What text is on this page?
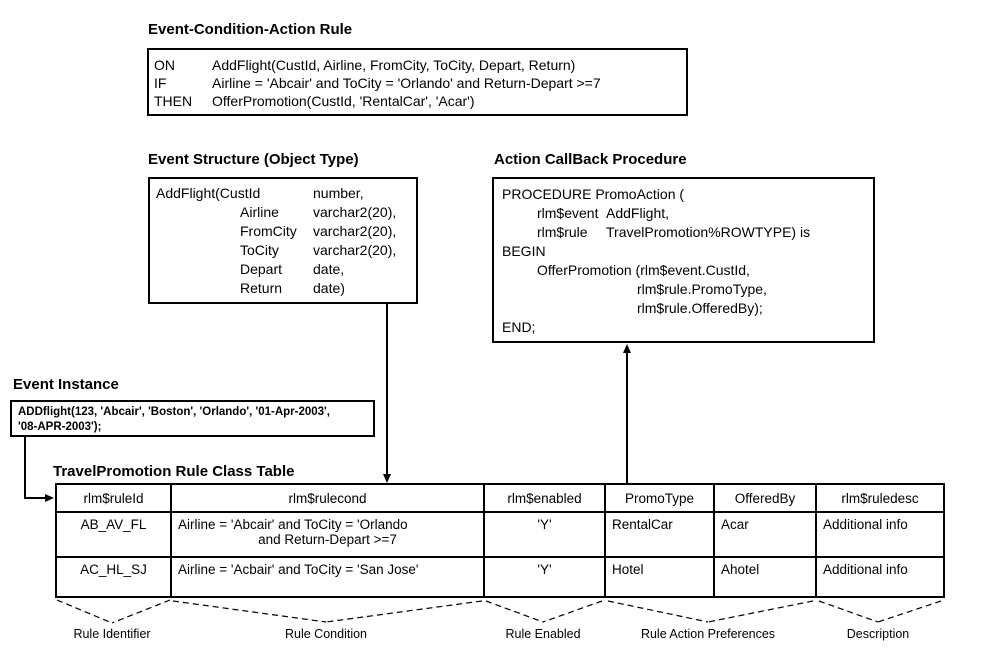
Event-Condition-Action Rule
ON	AddFlight(CustId, Airline, FromCity, ToCity, Depart, Return)
IF	Airline = 'Abcair' and ToCity = 'Orlando' and Return-Depart >=7
THEN	OfferPromotion(CustId, 'RentalCar', 'Acar')
Event Structure (Object Type)
AddFlight(CustId	number,
Airline	varchar2(20),
FromCity	varchar2(20),
ToCity	varchar2(20),
Depart	date,
Return	date)
Action CallBack Procedure
PROCEDURE PromoAction (
rlm$event AddFlight,
rlm$rule	TravelPromotion%ROWTYPE) is
BEGIN
OfferPromotion (rlm$event.CustId,
rlm$rule.PromoType,
rlm$rule.OfferedBy);
END;
Event Instance
ADDflight(123, 'Abcair', 'Boston', 'Orlando', '01-Apr-2003',
'08-APR-2003');
TravelPromotion Rule Class Table
rlm$ruleId	rlm$rulecond	rlm$enabled	PromoType	OfferedBy	rlm$ruledesc
AB_AV_FL	Airline = 'Abcair' and ToCity = 'Orlando
and Return-Depart >=7	'Y'	RentalCar	Acar	Additional info
AC_HL_SJ	Airline = 'Acbair' and ToCity = 'San Jose'	'Y'	Hotel	Ahotel	Additional info
Rule Identifier	Rule Condition	Rule Enabled	Rule Action Preferences	Description
